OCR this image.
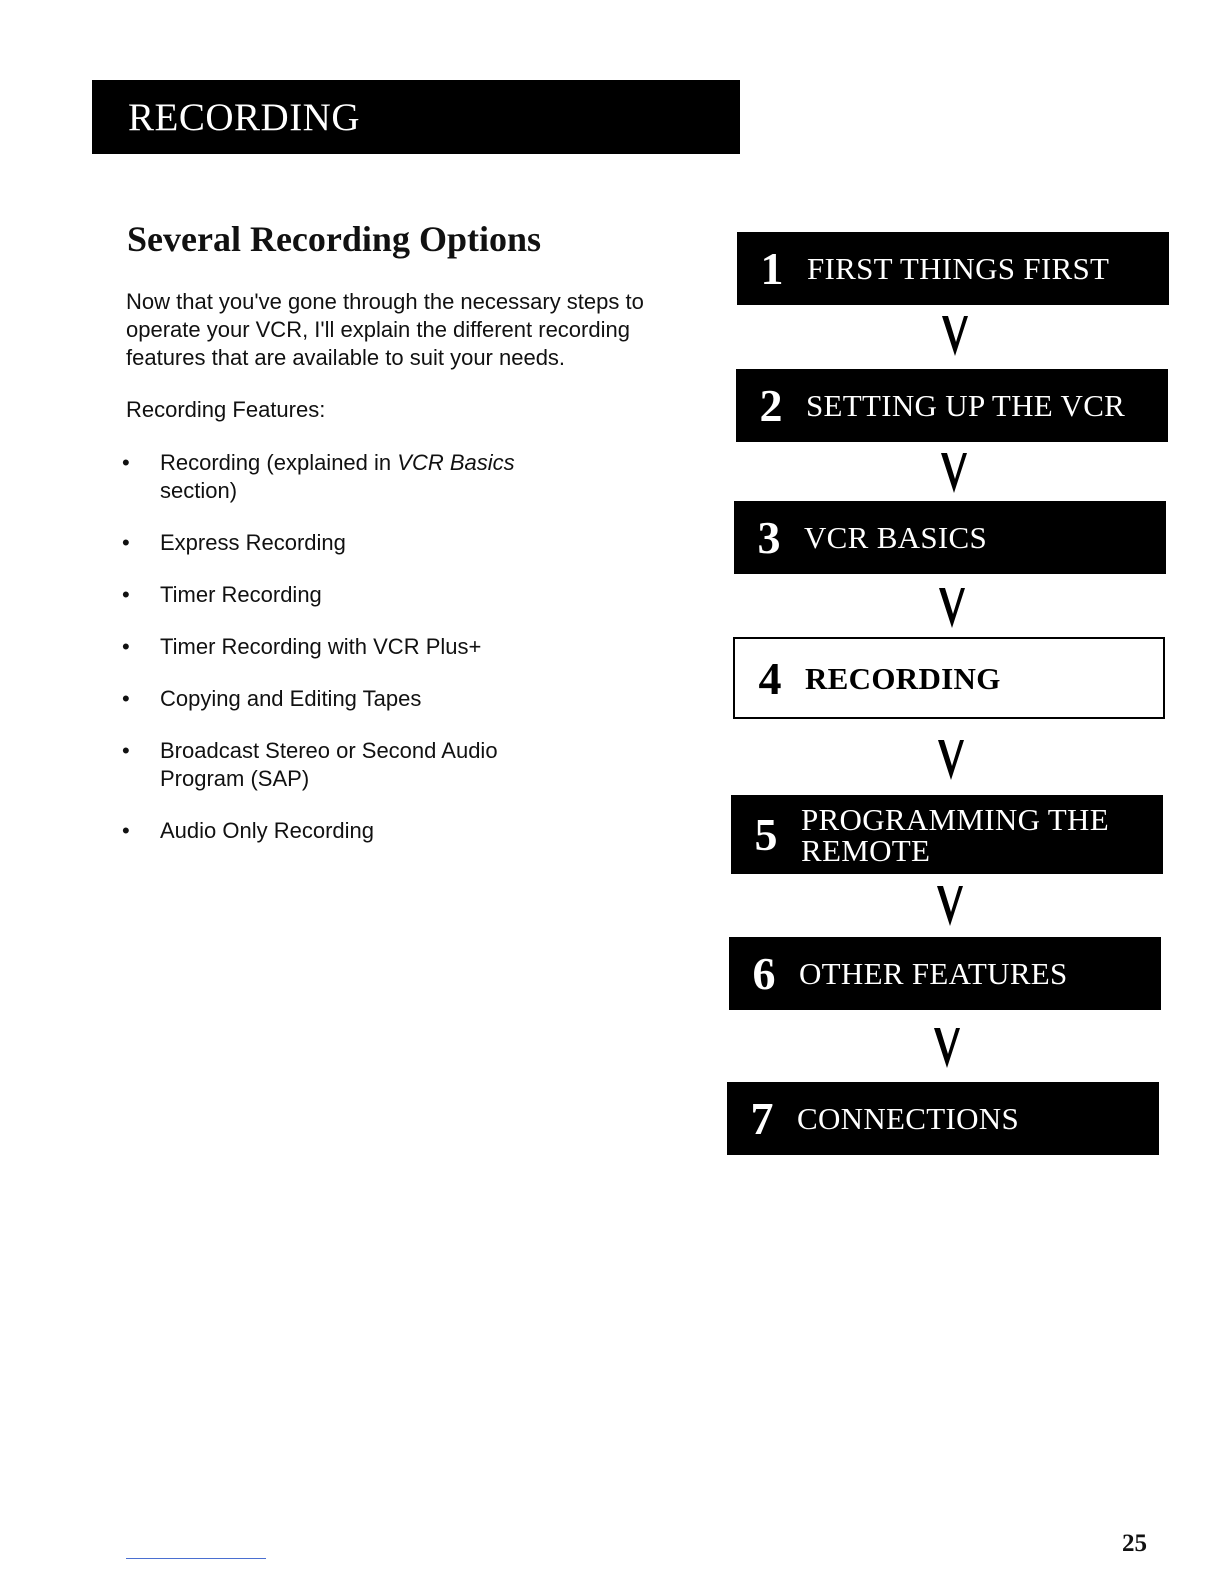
RECORDING
Several Recording Options

Now that you've gone through the necessary steps to operate your VCR, I'll explain the different recording features that are available to suit your needs.

Recording Features:

• Recording (explained in VCR Basics section)
• Express Recording
• Timer Recording
• Timer Recording with VCR Plus+
• Copying and Editing Tapes
• Broadcast Stereo or Second Audio Program (SAP)
• Audio Only Recording
1 FIRST THINGS FIRST
2 SETTING UP THE VCR
3 VCR BASICS
4 RECORDING
5 PROGRAMMING THE REMOTE
6 OTHER FEATURES
7 CONNECTIONS

25
